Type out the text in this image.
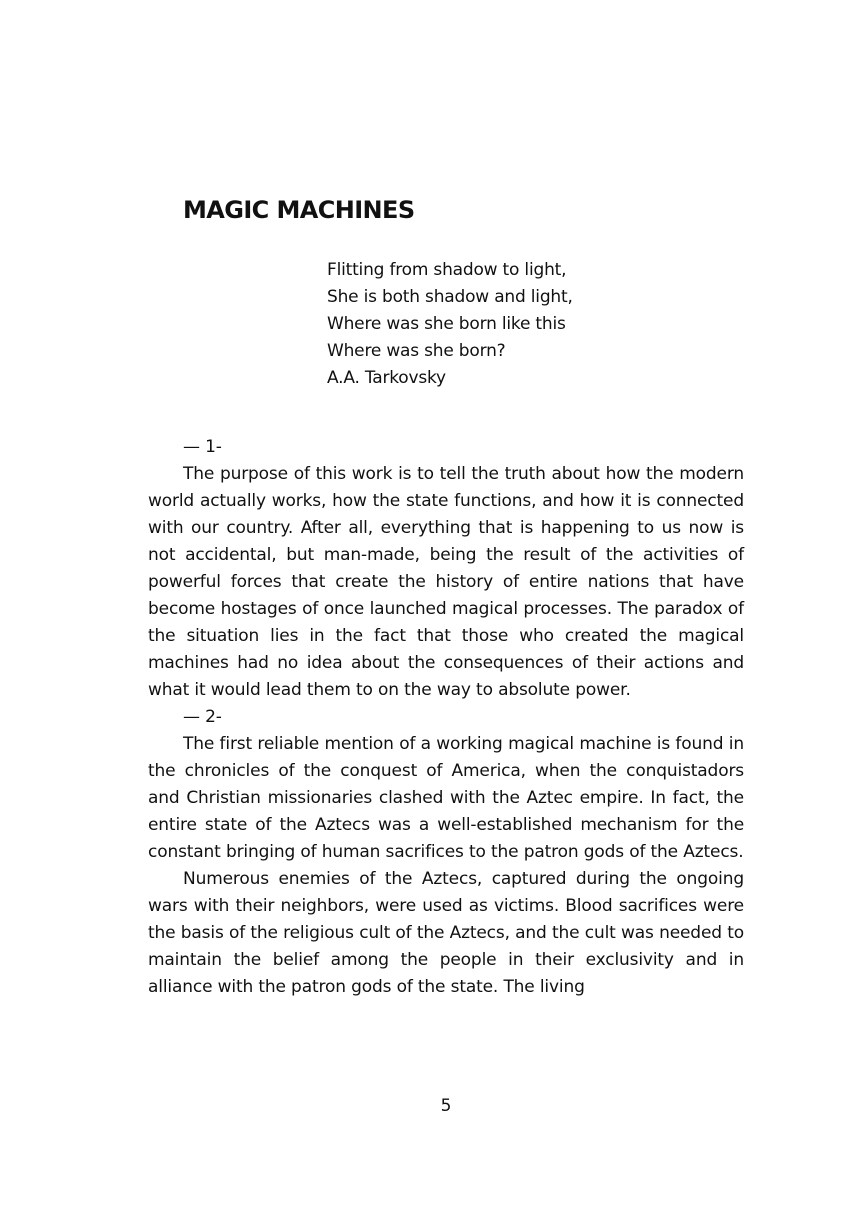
MAGIC MACHINES
Flitting from shadow to light,
She is both shadow and light,
Where was she born like this
Where was she born?
A.A. Tarkovsky

— 1-

The purpose of this work is to tell the truth about how the modern world actually works, how the state functions, and how it is connected with our country. After all, everything that is happening to us now is not accidental, but man-made, being the result of the activities of powerful forces that create the history of entire nations that have become hostages of once launched magical processes. The paradox of the situation lies in the fact that those who created the magical machines had no idea about the consequences of their actions and what it would lead them to on the way to absolute power.

— 2-

The first reliable mention of a working magical machine is found in the chronicles of the conquest of America, when the conquistadors and Christian missionaries clashed with the Aztec empire. In fact, the entire state of the Aztecs was a well-established mechanism for the constant bringing of human sacrifices to the patron gods of the Aztecs.

Numerous enemies of the Aztecs, captured during the ongoing wars with their neighbors, were used as victims. Blood sacrifices were the basis of the religious cult of the Aztecs, and the cult was needed to maintain the belief among the people in their exclusivity and in alliance with the patron gods of the state. The living

5
